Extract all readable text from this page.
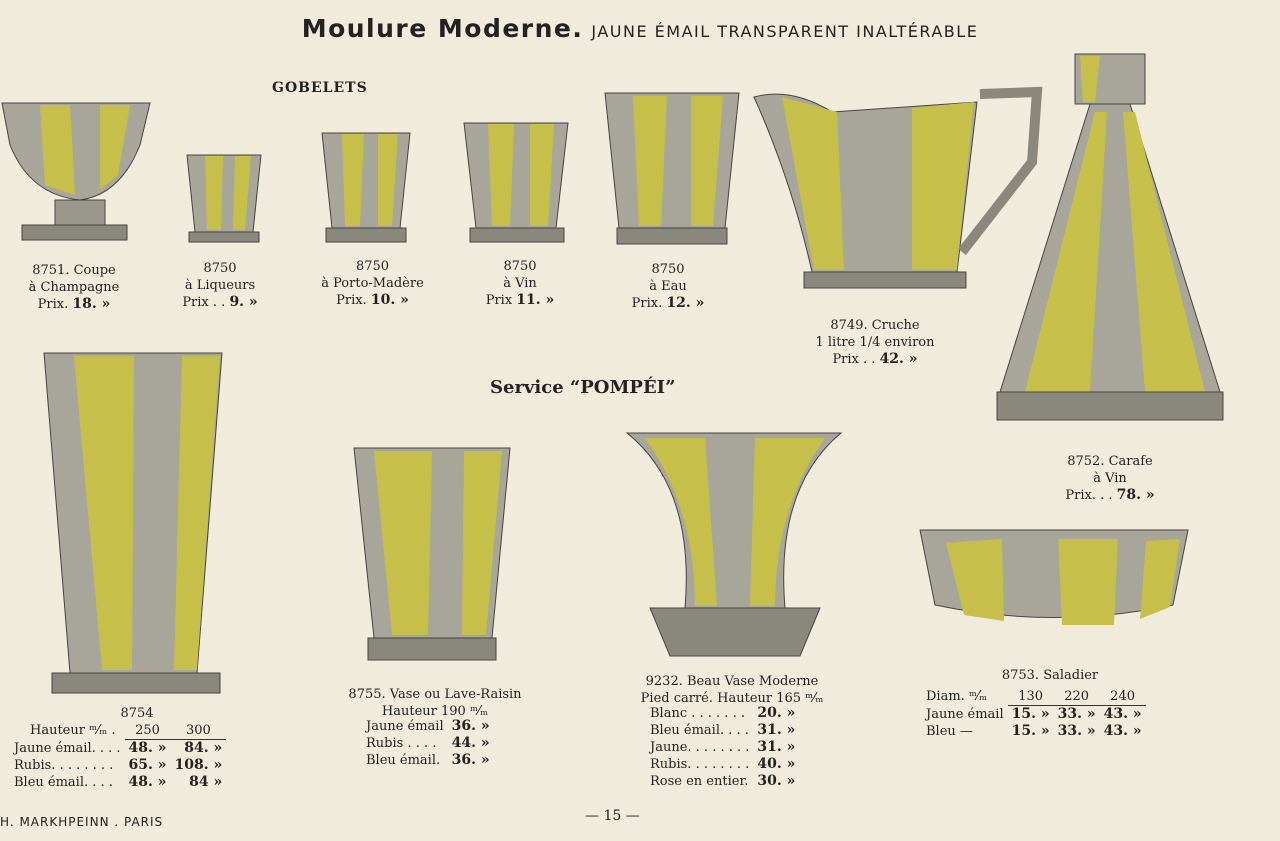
Moulure Moderne. JAUNE ÉMAIL TRANSPARENT INALTÉRABLE
GOBELETS
Service “POMPÉI”
8751. Coupe
à Champagne
Prix. 18. »
8750
à Liqueurs
Prix . . 9. »
8750
à Porto-Madère
Prix. 10. »
8750
à Vin
Prix 11. »
8750
à Eau
Prix. 12. »
8749. Cruche
1 litre 1/4 environ
Prix . . 42. »
8752. Carafe
à Vin
Prix. . . 78. »
8754
Hauteur ᵐ⁄ₘ .	250	300
Jaune émail. . . .	48. »	84. »
Rubis. . . . . . . .	65. »	108. »
Bleu émail. . . .	48. »	84 »
8755. Vase ou Lave-Raisin
Hauteur 190 ᵐ⁄ₘ
Jaune émail	36. »
Rubis . . . .	44. »
Bleu émail.	36. »
9232. Beau Vase Moderne
Pied carré. Hauteur 165 ᵐ⁄ₘ
Blanc . . . . . . .	20. »
Bleu émail. . . .	31. »
Jaune. . . . . . . .	31. »
Rubis. . . . . . . .	40. »
Rose en entier.	30. »
8753. Saladier
Diam. ᵐ⁄ₘ	130	220	240
Jaune émail	15. »	33. »	43. »
Bleu —	15. »	33. »	43. »
H. MARKHPEINN . PARIS	— 15 —
